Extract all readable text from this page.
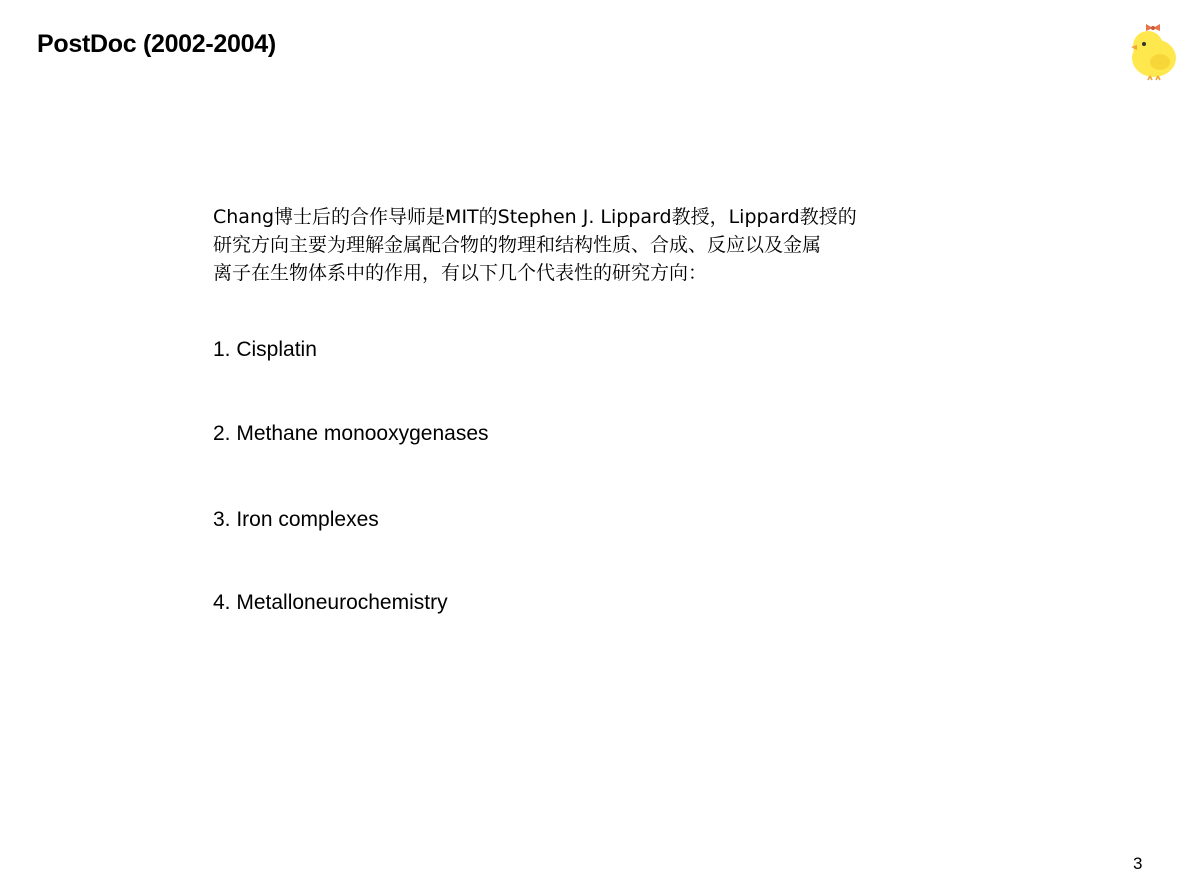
PostDoc (2002-2004)
Chang博士后的合作导师是MIT的Stephen J. Lippard教授，Lippard教授的
研究方向主要为理解金属配合物的物理和结构性质、合成、反应以及金属
离子在生物体系中的作用，有以下几个代表性的研究方向：
1. Cisplatin
2. Methane monooxygenases
3. Iron complexes
4. Metalloneurochemistry
3
